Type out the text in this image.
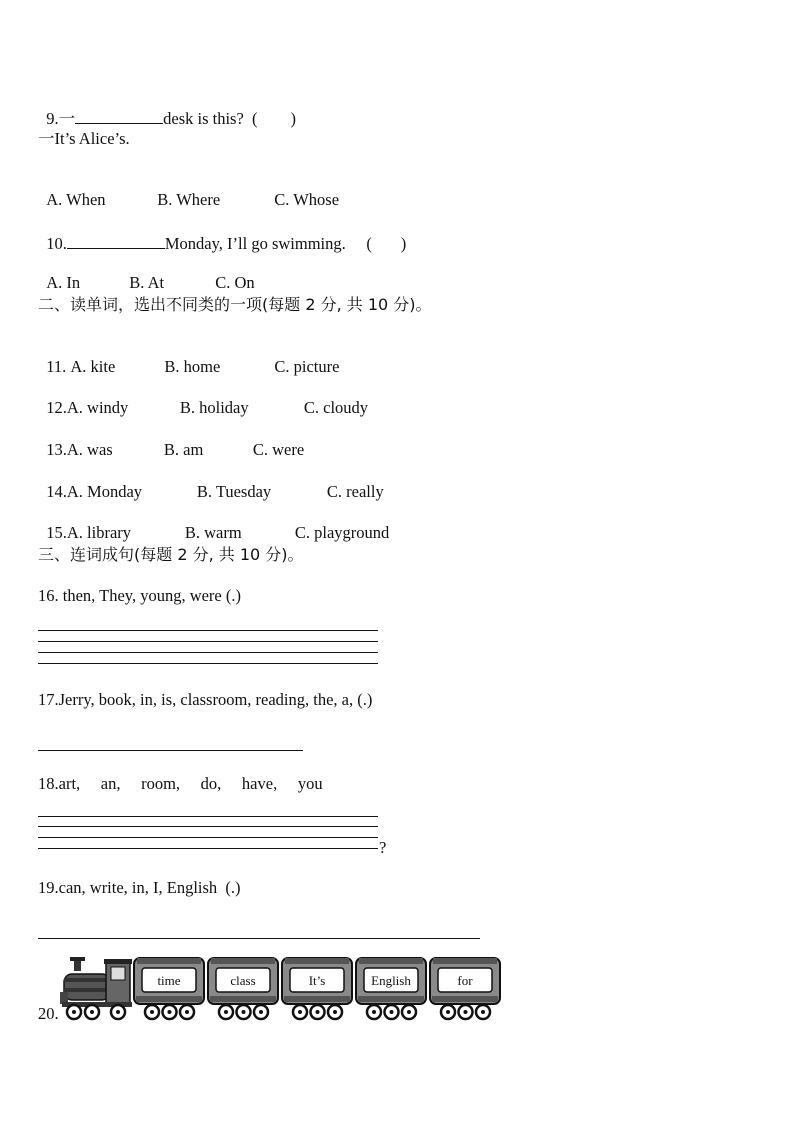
9.一	desk is this?  (        )

一It’s Alice’s.

A. When	B. Where	C. Whose

10.	Monday, I’ll go swimming.     (       )

A. In	B. At	C. On

二、读单词，选出不同类的一项(每题 2 分, 共 10 分)。

11. A. kite	B. home	C. picture

12.A. windy	B. holiday	C. cloudy

13.A. was	B. am	C. were

14.A. Monday	B. Tuesday	C. really

15.A. library	B. warm	C. playground

三、连词成句(每题 2 分, 共 10 分)。
16. then, They, young, were (.)
17.Jerry, book, in, is, classroom, reading, the, a, (.)
18.art,     an,     room,     do,     have,     you
?
19.can, write, in, I, English  (.)
20.
time	class	It’s	English	for
